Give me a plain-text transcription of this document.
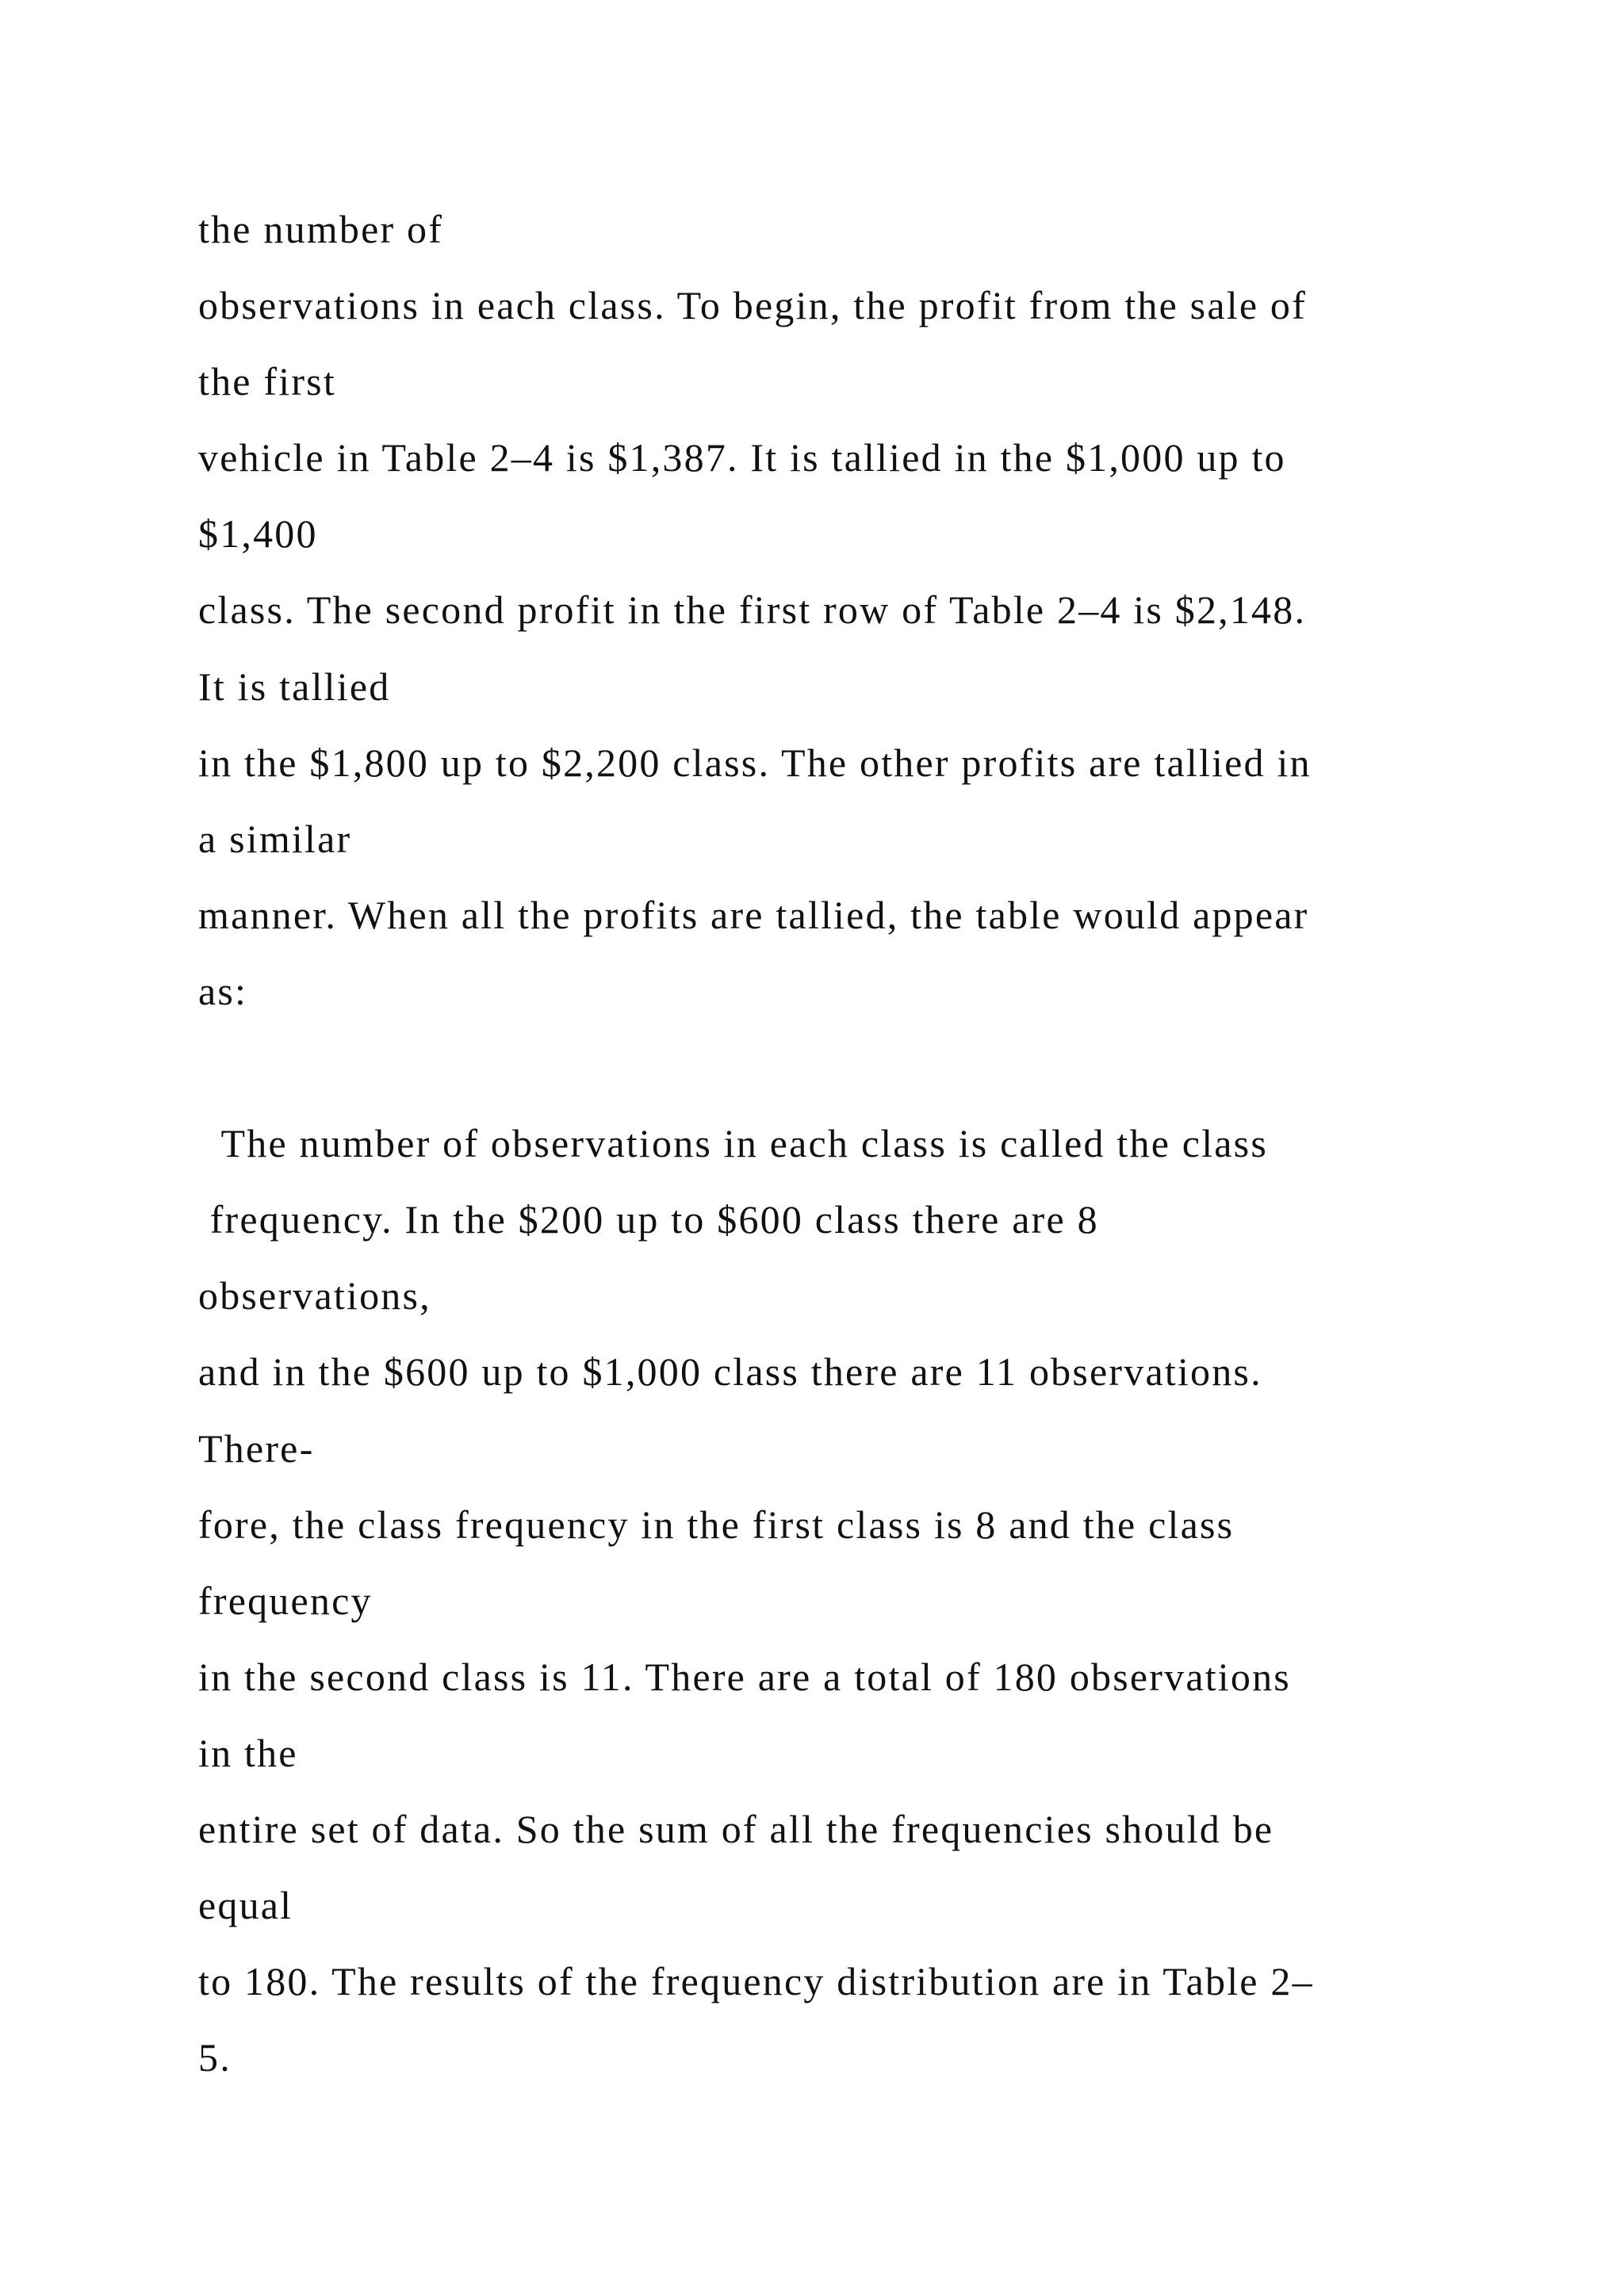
the number of
observations in each class. To begin, the profit from the sale of
the first
vehicle in Table 2–4 is $1,387. It is tallied in the $1,000 up to
$1,400
class. The second profit in the first row of Table 2–4 is $2,148.
It is tallied
in the $1,800 up to $2,200 class. The other profits are tallied in
a similar
manner. When all the profits are tallied, the table would appear
as:
The number of observations in each class is called the class
frequency. In the $200 up to $600 class there are 8
observations,
and in the $600 up to $1,000 class there are 11 observations.
There-
fore, the class frequency in the first class is 8 and the class
frequency
in the second class is 11. There are a total of 180 observations
in the
entire set of data. So the sum of all the frequencies should be
equal
to 180. The results of the frequency distribution are in Table 2–
5.
